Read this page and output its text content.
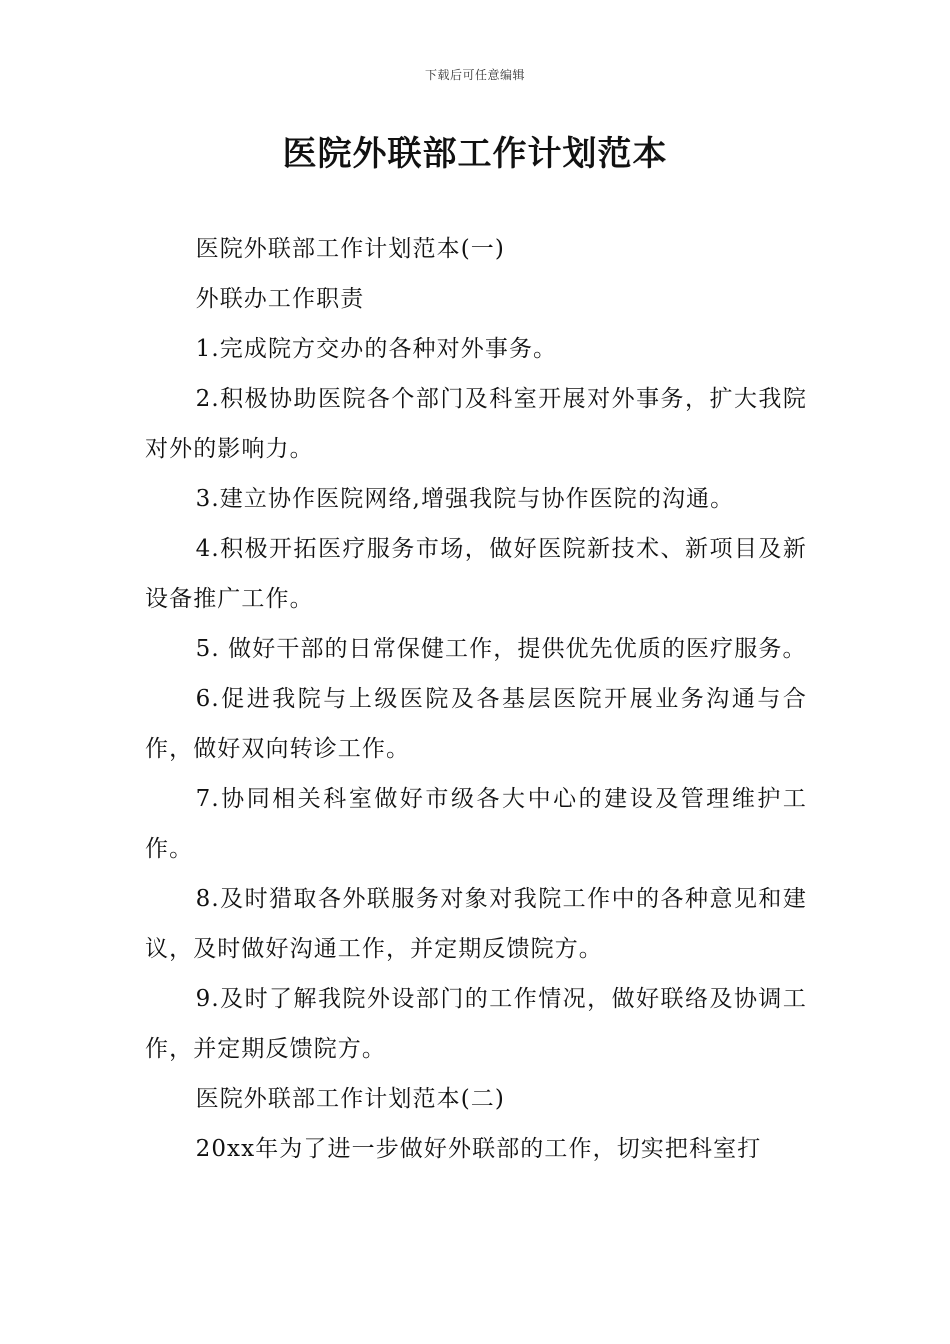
下载后可任意编辑
医院外联部工作计划范本

医院外联部工作计划范本(一)

外联办工作职责

1.完成院方交办的各种对外事务。

2.积极协助医院各个部门及科室开展对外事务，扩大我院对外的影响力。

3.建立协作医院网络,增强我院与协作医院的沟通。

4.积极开拓医疗服务市场，做好医院新技术、新项目及新设备推广工作。

5. 做好干部的日常保健工作，提供优先优质的医疗服务。

6.促进我院与上级医院及各基层医院开展业务沟通与合作，做好双向转诊工作。

7.协同相关科室做好市级各大中心的建设及管理维护工作。

8.及时猎取各外联服务对象对我院工作中的各种意见和建议，及时做好沟通工作，并定期反馈院方。

9.及时了解我院外设部门的工作情况，做好联络及协调工作，并定期反馈院方。

医院外联部工作计划范本(二)

20xx年为了进一步做好外联部的工作，切实把科室打
